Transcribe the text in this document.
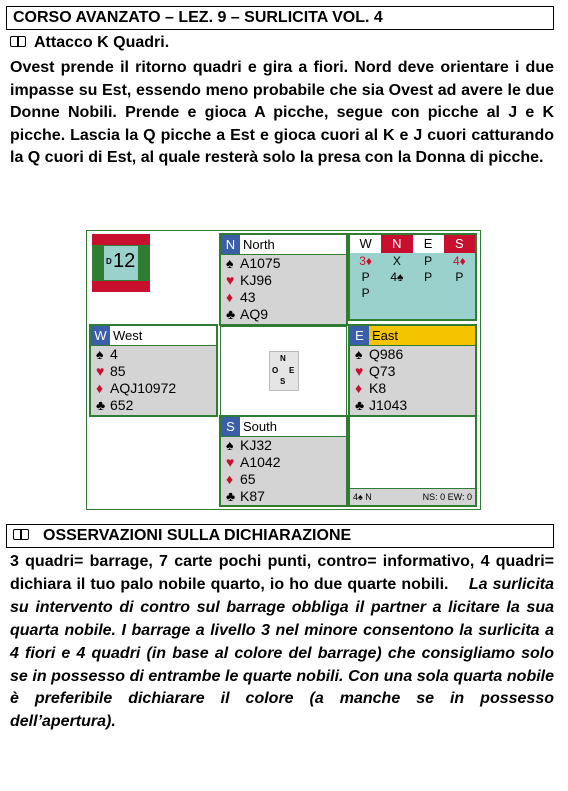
CORSO AVANZATO – LEZ. 9 – SURLICITA VOL. 4
Attacco K Quadri.
Ovest prende il ritorno quadri e gira a fiori. Nord deve orientare i due impasse su Est, essendo meno probabile che sia Ovest ad avere le due Donne Nobili. Prende e gioca A picche, segue con picche al J e K picche. Lascia la Q picche a Est e gioca cuori al K e J cuori catturando la Q cuori di Est, al quale resterà solo la presa con la Donna di picche.
D 12
N North
♠ A1075
♥ KJ96
♦ 43
♣ AQ9
W	N	E	S
3♦	X	P	4♦
P	4♠	P	P
P
W West
♠ 4
♥ 85
♦ AQJ10972
♣ 652
N
O E
S
E East
♠ Q986
♥ Q73
♦ K8
♣ J1043
S South
♠ KJ32
♥ A1042
♦ 65
♣ K87	4♠ N	NS: 0 EW: 0
OSSERVAZIONI SULLA DICHIARAZIONE
3 quadri= barrage, 7 carte pochi punti, contro= informativo, 4 quadri= dichiara il tuo palo nobile quarto, io ho due quarte nobili. La surlicita su intervento di contro sul barrage obbliga il partner a licitare la sua quarta nobile. I barrage a livello 3 nel minore consentono la surlicita a 4 fiori e 4 quadri (in base al colore del barrage) che consigliamo solo se in possesso di entrambe le quarte nobili. Con una sola quarta nobile è preferibile dichiarare il colore (a manche se in possesso dell’apertura).
